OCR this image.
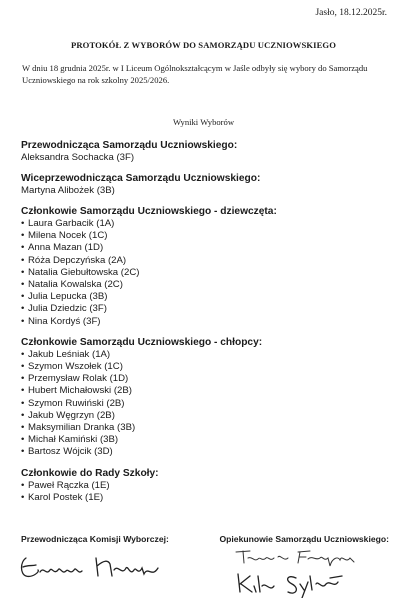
Jasło, 18.12.2025r.
PROTOKÓŁ Z WYBORÓW DO SAMORZĄDU UCZNIOWSKIEGO
W dniu 18 grudnia 2025r. w I Liceum Ogólnokształcącym w Jaśle odbyły się wybory do Samorządu Uczniowskiego na rok szkolny 2025/2026.
Wyniki Wyborów
Przewodnicząca Samorządu Uczniowskiego:
Aleksandra Sochacka (3F)
Wiceprzewodnicząca Samorządu Uczniowskiego:
Martyna Alibożek (3B)
Członkowie Samorządu Uczniowskiego - dziewczęta:
• Laura Garbacik (1A)
• Milena Nocek (1C)
• Anna Mazan (1D)
• Róża Depczyńska (2A)
• Natalia Giebułtowska (2C)
• Natalia Kowalska (2C)
• Julia Lepucka (3B)
• Julia Dziedzic (3F)
• Nina Kordyś (3F)
Członkowie Samorządu Uczniowskiego - chłopcy:
• Jakub Leśniak (1A)
• Szymon Wszołek (1C)
• Przemysław Rolak (1D)
• Hubert Michałowski (2B)
• Szymon Ruwiński (2B)
• Jakub Węgrzyn (2B)
• Maksymilian Dranka (3B)
• Michał Kamiński (3B)
• Bartosz Wójcik (3D)
Członkowie do Rady Szkoły:
• Paweł Rączka (1E)
• Karol Postek (1E)
Przewodnicząca Komisji Wyborczej:	Opiekunowie Samorządu Uczniowskiego:
